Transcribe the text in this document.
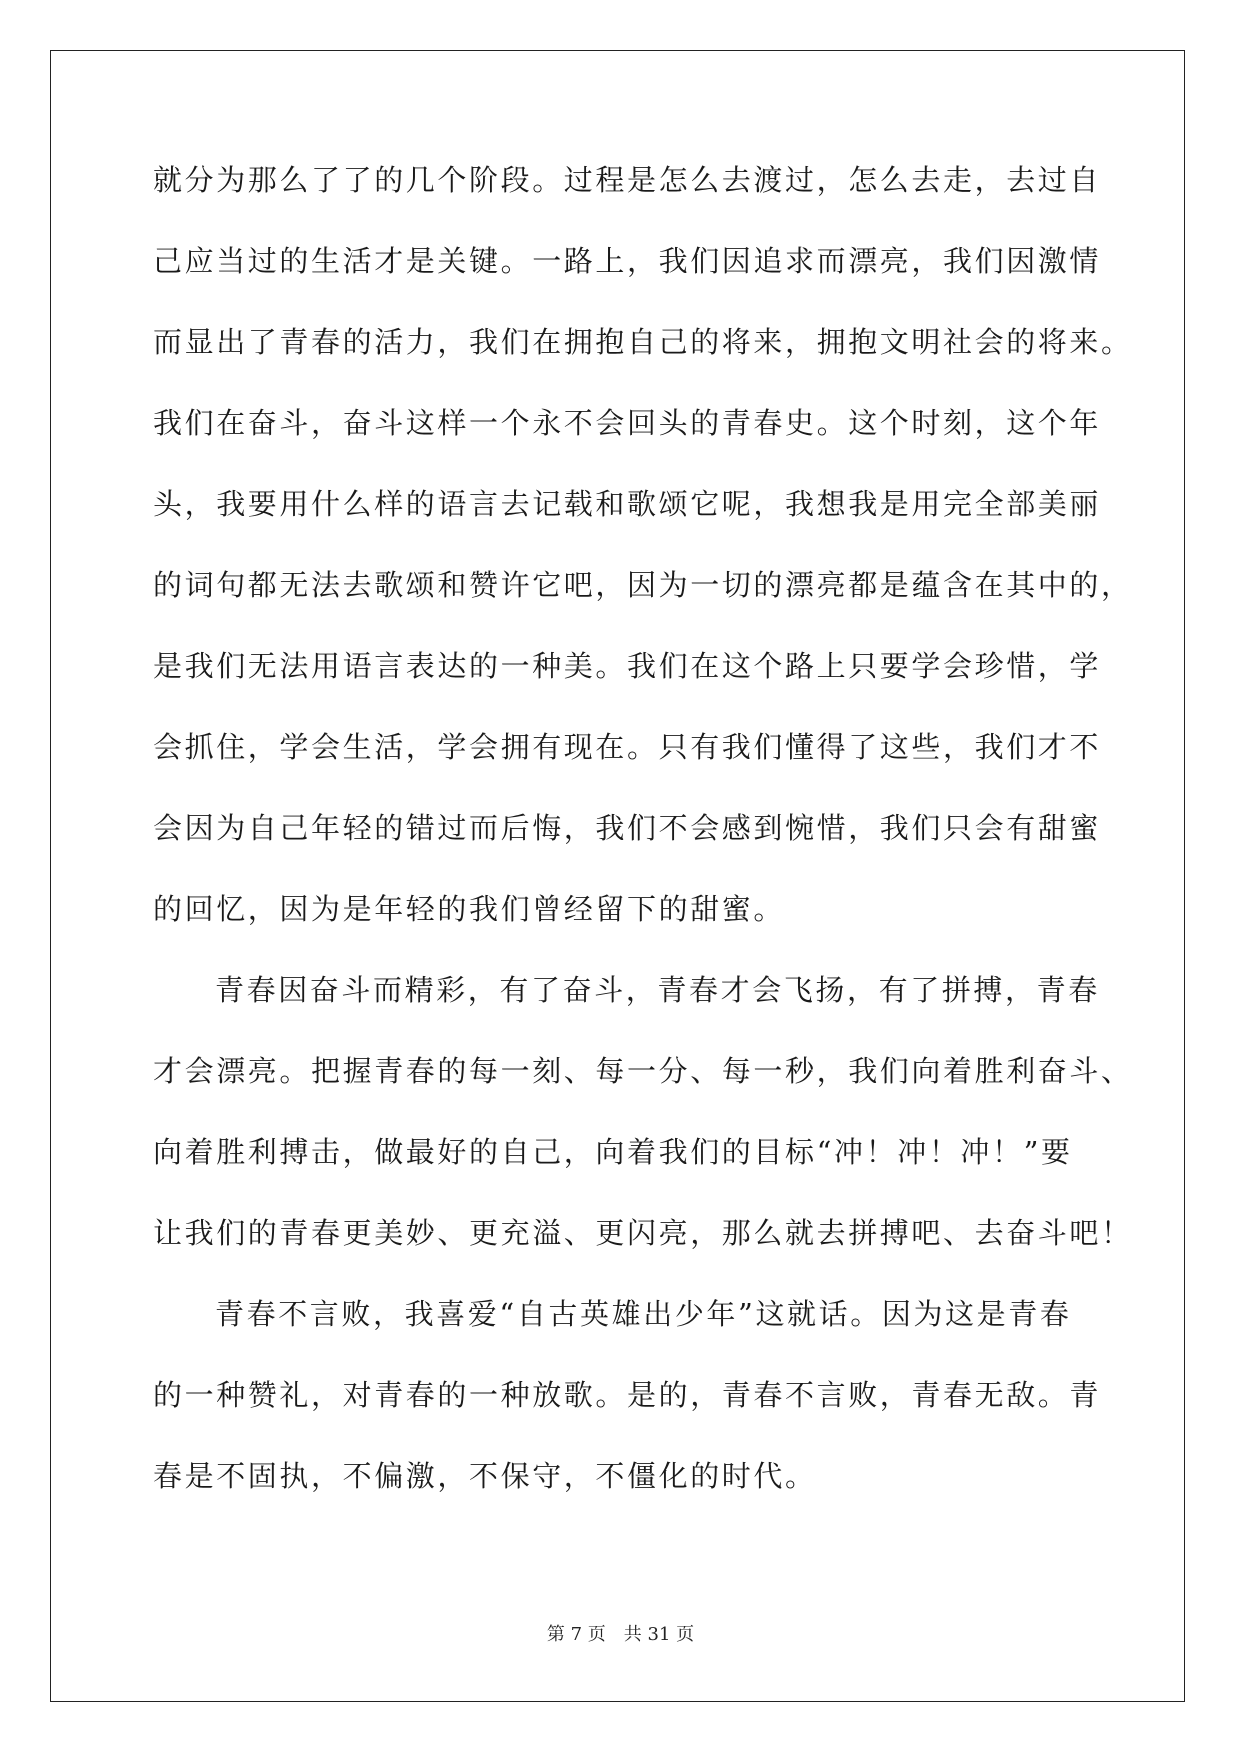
就分为那么了了的几个阶段。过程是怎么去渡过，怎么去走，去过自
己应当过的生活才是关键。一路上，我们因追求而漂亮，我们因激情
而显出了青春的活力，我们在拥抱自己的将来，拥抱文明社会的将来。
我们在奋斗，奋斗这样一个永不会回头的青春史。这个时刻，这个年
头，我要用什么样的语言去记载和歌颂它呢，我想我是用完全部美丽
的词句都无法去歌颂和赞许它吧，因为一切的漂亮都是蕴含在其中的，
是我们无法用语言表达的一种美。我们在这个路上只要学会珍惜，学
会抓住，学会生活，学会拥有现在。只有我们懂得了这些，我们才不
会因为自己年轻的错过而后悔，我们不会感到惋惜，我们只会有甜蜜
的回忆，因为是年轻的我们曾经留下的甜蜜。
青春因奋斗而精彩，有了奋斗，青春才会飞扬，有了拼搏，青春
才会漂亮。把握青春的每一刻、每一分、每一秒，我们向着胜利奋斗、
向着胜利搏击，做最好的自己，向着我们的目标“冲！冲！冲！”要
让我们的青春更美妙、更充溢、更闪亮，那么就去拼搏吧、去奋斗吧！
青春不言败，我喜爱“自古英雄出少年”这就话。因为这是青春
的一种赞礼，对青春的一种放歌。是的，青春不言败，青春无敌。青
春是不固执，不偏激，不保守，不僵化的时代。
第 7 页　共 31 页
